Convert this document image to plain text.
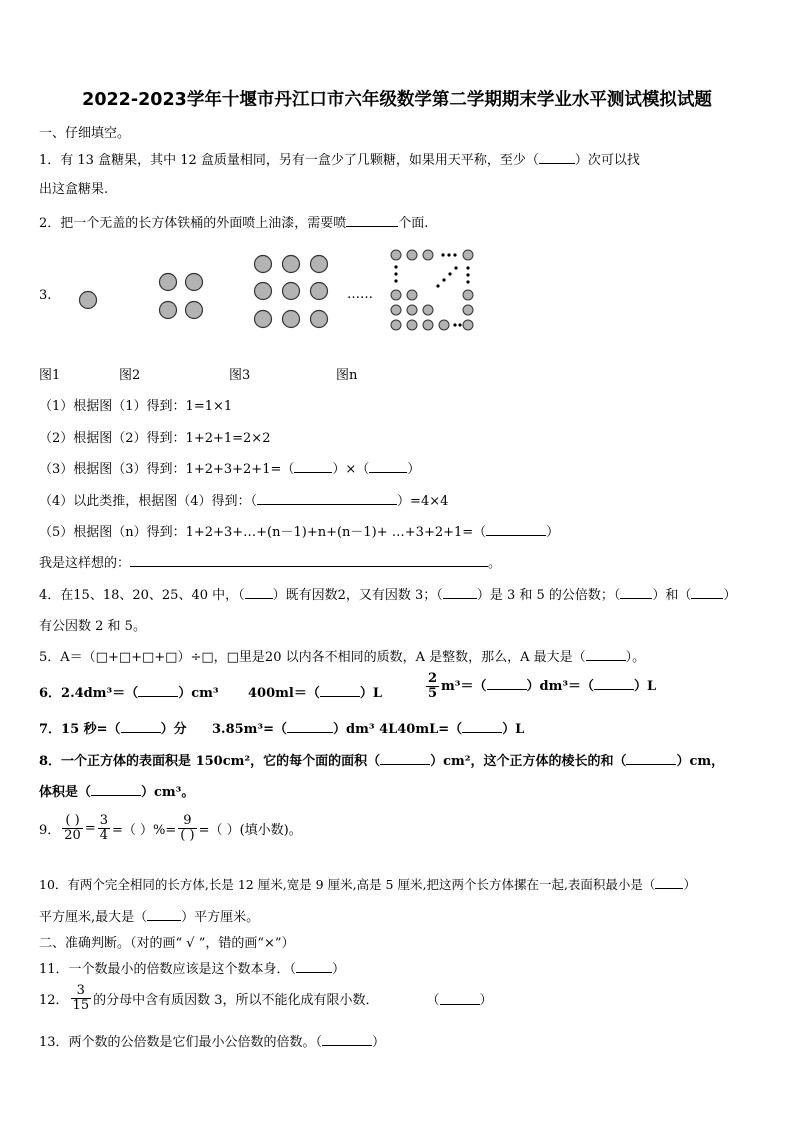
2022-2023学年十堰市丹江口市六年级数学第二学期期末学业水平测试模拟试题
一、仔细填空。
1．有 13 盒糖果，其中 12 盒质量相同，另有一盒少了几颗糖，如果用天平称，至少（	）次可以找
出这盒糖果.
2．把一个无盖的长方体铁桶的外面喷上油漆，需要喷	个面.
3.	……
图1	图2	图3	图n
（1）根据图（1）得到：1=1×1
（2）根据图（2）得到：1+2+1=2×2
（3）根据图（3）得到：1+2+3+2+1=（	）×（	）
（4）以此类推，根据图（4）得到：（	）=4×4
（5）根据图（n）得到：1+2+3+…+(n－1)+n+(n－1)+ …+3+2+1=（	）
我是这样想的：	。
4．在15、18、20、25、40 中，（ ）既有因数2，又有因数 3；（	）是 3 和 5 的公倍数；（ ）和（ ）
有公因数 2 和 5。
5．A＝（□+□+□+□）÷□，□里是20 以内各不相同的质数，A 是整数，那么，A 最大是（	）。
6．2.4dm³＝（	）cm³ 400ml＝（	）L	$\frac{2}{5} m^3=$（	）dm³＝（	）L
7．15 秒=（	）分 3.85m³=（	）dm³ 4L40mL=（	）L
8．一个正方体的表面积是 150cm²，它的每个面的面积（	）cm²，这个正方体的棱长的和（	）cm，
体积是（	）cm³。
9． $\frac{( )}{20} = \frac{3}{4}$ =（ ）%= $\frac{9}{( )}$ =（ ）(填小数)。
10．有两个完全相同的长方体,长是 12 厘米,宽是 9 厘米,高是 5 厘米,把这两个长方体摞在一起,表面积最小是（ ）
平方厘米,最大是（	）平方厘米。
二、准确判断。（对的画“ √ ”，错的画“×”）
11．一个数最小的倍数应该是这个数本身．（	）
12． $\frac{3}{15}$ 的分母中含有质因数 3，所以不能化成有限小数．	（	）
13．两个数的公倍数是它们最小公倍数的倍数。（	）
